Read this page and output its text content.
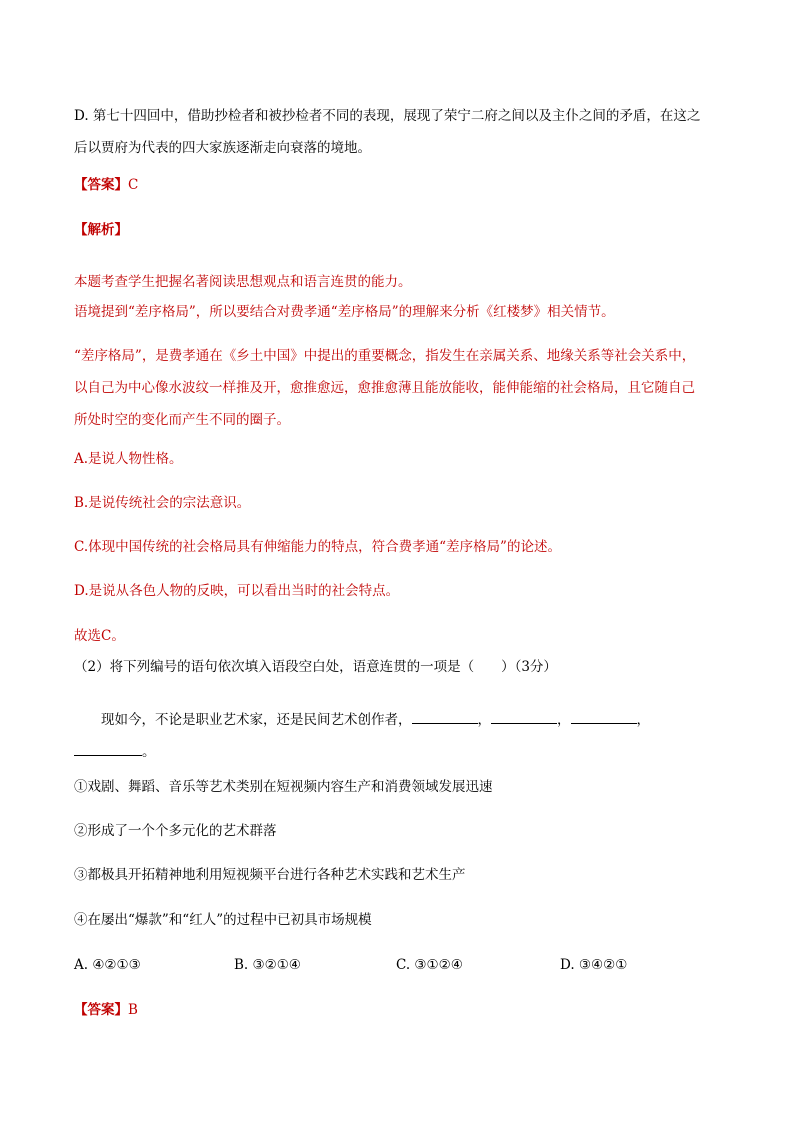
D. 第七十四回中，借助抄检者和被抄检者不同的表现，展现了荣宁二府之间以及主仆之间的矛盾，在这之
后以贾府为代表的四大家族逐渐走向衰落的境地。
【答案】C
【解析】
本题考查学生把握名著阅读思想观点和语言连贯的能力。
语境提到“差序格局”，所以要结合对费孝通“差序格局”的理解来分析《红楼梦》相关情节。
“差序格局”，是费孝通在《乡土中国》中提出的重要概念，指发生在亲属关系、地缘关系等社会关系中，
以自己为中心像水波纹一样推及开，愈推愈远，愈推愈薄且能放能收，能伸能缩的社会格局，且它随自己
所处时空的变化而产生不同的圈子。
A.是说人物性格。
B.是说传统社会的宗法意识。
C.体现中国传统的社会格局具有伸缩能力的特点，符合费孝通“差序格局”的论述。
D.是说从各色人物的反映，可以看出当时的社会特点。
故选C。
（2）将下列编号的语句依次填入语段空白处，语意连贯的一项是（　　）（3分）
现如今，不论是职业艺术家，还是民间艺术创作者，	，	，	，
。
①戏剧、舞蹈、音乐等艺术类别在短视频内容生产和消费领域发展迅速
②形成了一个个多元化的艺术群落
③都极具开拓精神地利用短视频平台进行各种艺术实践和艺术生产
④在屡出“爆款”和“红人”的过程中已初具市场规模
A. ④②①③	B. ③②①④	C. ③①②④	D. ③④②①
【答案】B
